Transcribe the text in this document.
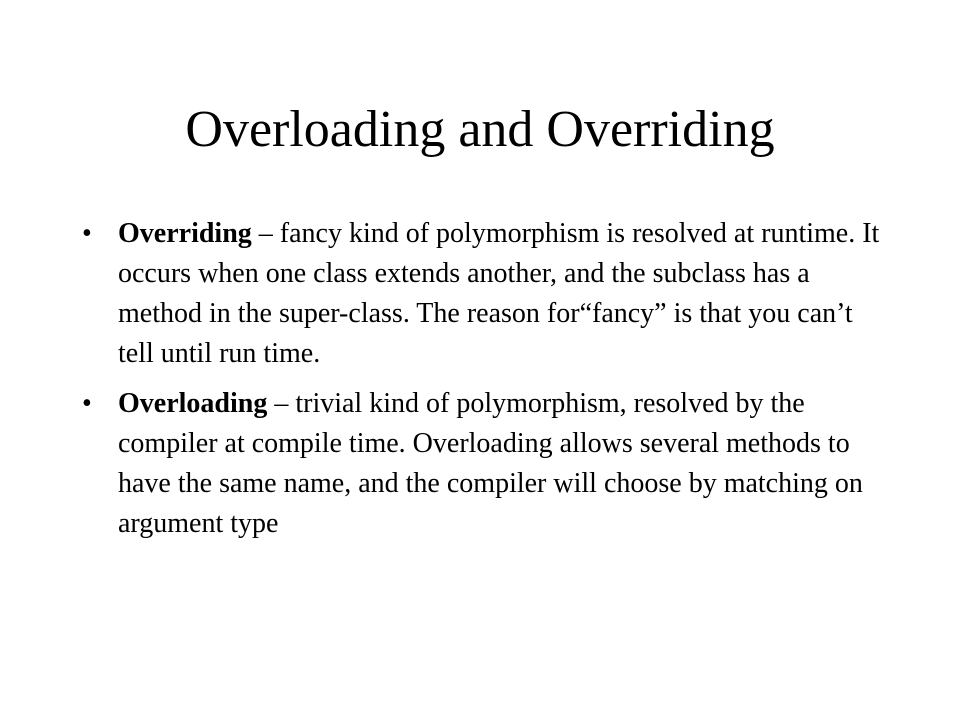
Overloading and Overriding
• Overriding – fancy kind of polymorphism is resolved at runtime. It occurs when one class extends another, and the subclass has a method in the super-class. The reason for“fancy” is that you can’t tell until run time.
• Overloading – trivial kind of polymorphism, resolved by the compiler at compile time. Overloading allows several methods to have the same name, and the compiler will choose by matching on argument type
